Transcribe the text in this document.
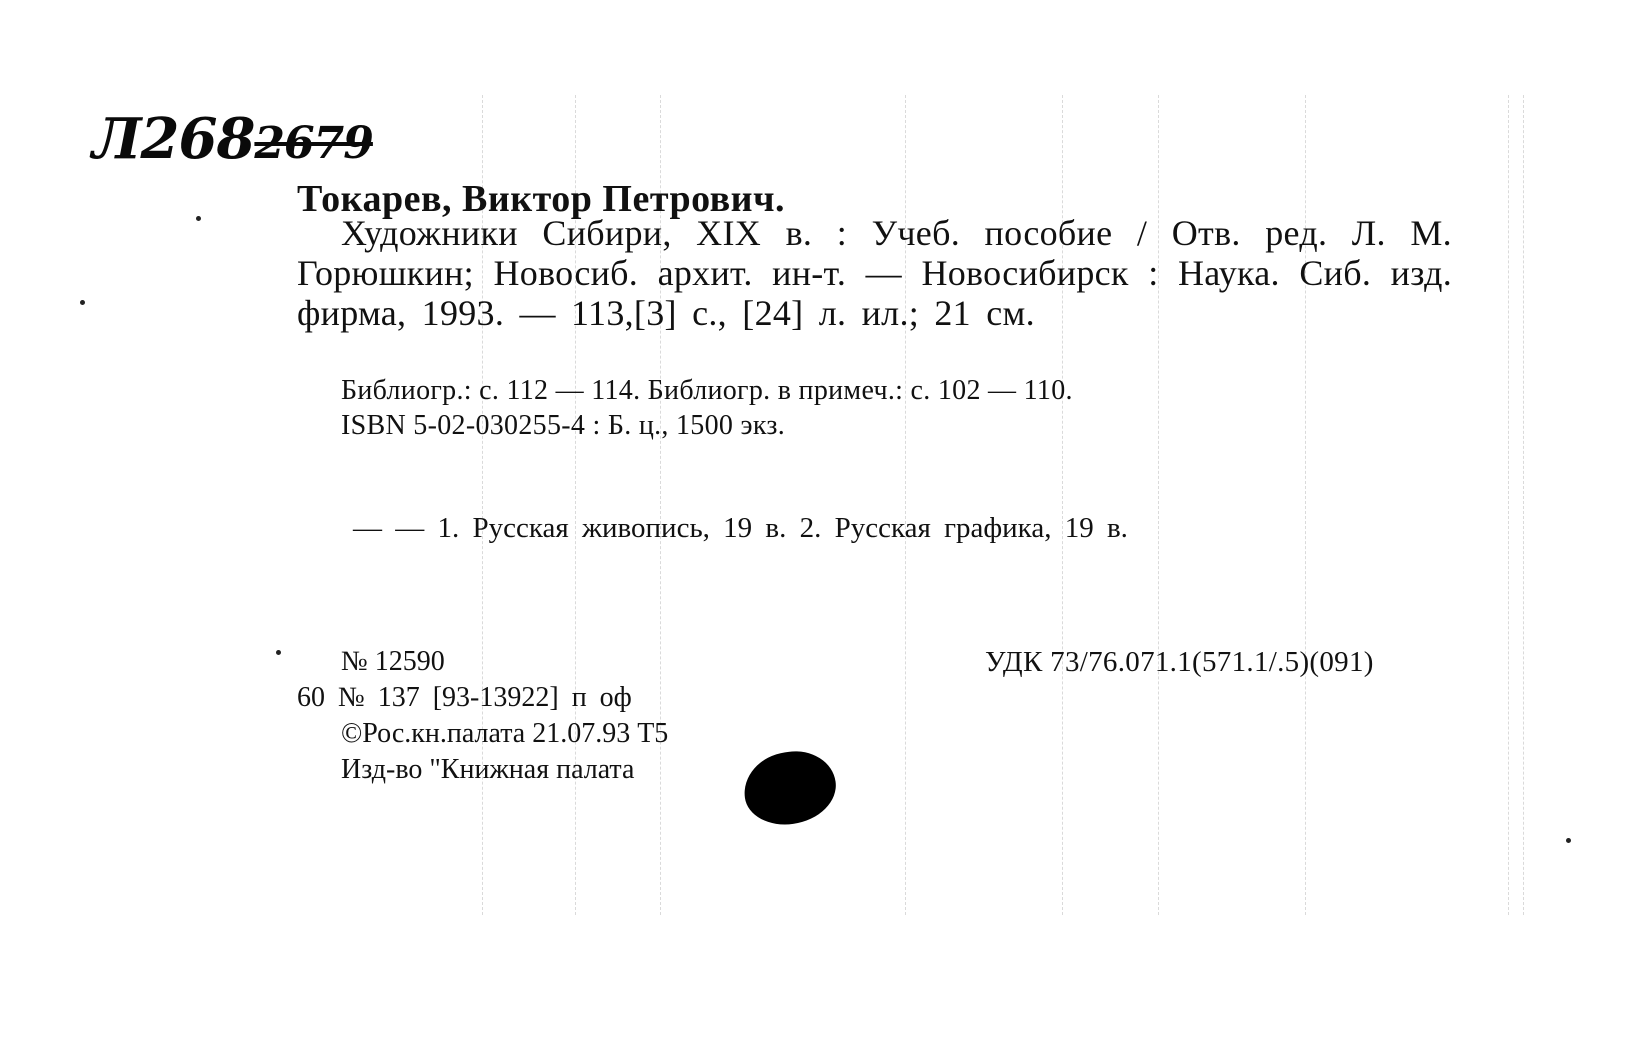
Л2682679
Токарев, Виктор Петрович.
Художники Сибири, XIX в. : Учеб. пособие / Отв. ред. Л. М. Горюшкин; Новосиб. архит. ин-т. — Новосибирск : Наука. Сиб. изд. фирма, 1993. — 113,[3] с., [24] л. ил.; 21 см.
Библиогр.: с. 112 — 114. Библиогр. в примеч.: с. 102 — 110.
ISBN 5-02-030255-4 : Б. ц., 1500 экз.
— — 1. Русская живопись, 19 в. 2. Русская графика, 19 в.
№ 12590	УДК 73/76.071.1(571.1/.5)(091)
60 № 137 [93-13922] п оф
©Рос.кн.палата 21.07.93 Т5
Изд-во "Книжная палата
